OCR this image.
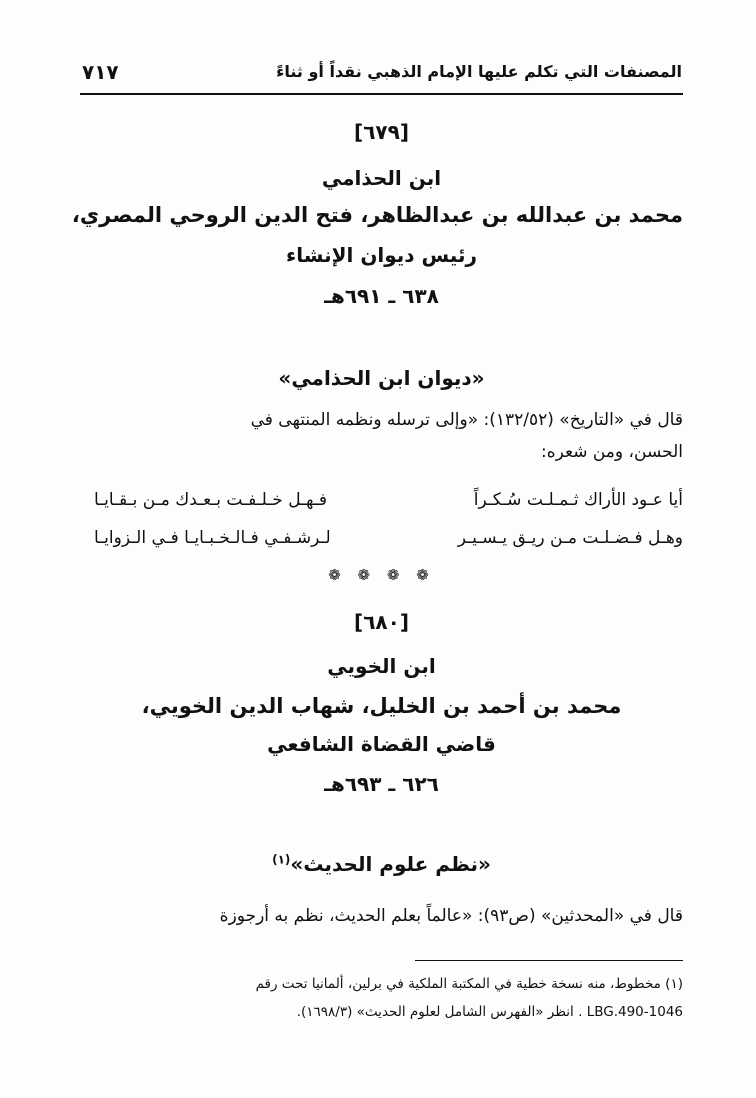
المصنفات التي تكلم عليها الإمام الذهبي نقداً أو ثناءً
٧١٧
[٦٧٩]
ابن الحذامي
محمد بن عبدالله بن عبدالظاهر، فتح الدين الروحي المصري،
رئيس ديوان الإنشاء
٦٣٨ ـ ٦٩١هـ
«ديوان ابن الحذامي»
قال في «التاريخ» (١٣٢/٥٢): «وإلى ترسله ونظمه المنتهى في
الحسن، ومن شعره:
أيا عـود الأراك ثـمـلـت سُـكـراً
فـهـل خـلـفـت بـعـدك مـن بـقـايـا
وهـل فـضـلـت مـن ريـق يـسـيـر
لـرشـفـي فـالـخـبـايـا فـي الـزوايـا
❁ ❁ ❁ ❁
[٦٨٠]
ابن الخويي
محمد بن أحمد بن الخليل، شهاب الدين الخويي،
قاضي القضاة الشافعي
٦٢٦ ـ ٦٩٣هـ
«نظم علوم الحديث»$^{(١)}$
قال في «المحدثين» (ص٩٣): «عالماً بعلم الحديث، نظم به أرجوزة
(١) مخطوط، منه نسخة خطية في المكتبة الملكية في برلين، ألمانيا تحت رقم
1046-LBG.490 . انظر «الفهرس الشامل لعلوم الحديث» (١٦٩٨/٣).
